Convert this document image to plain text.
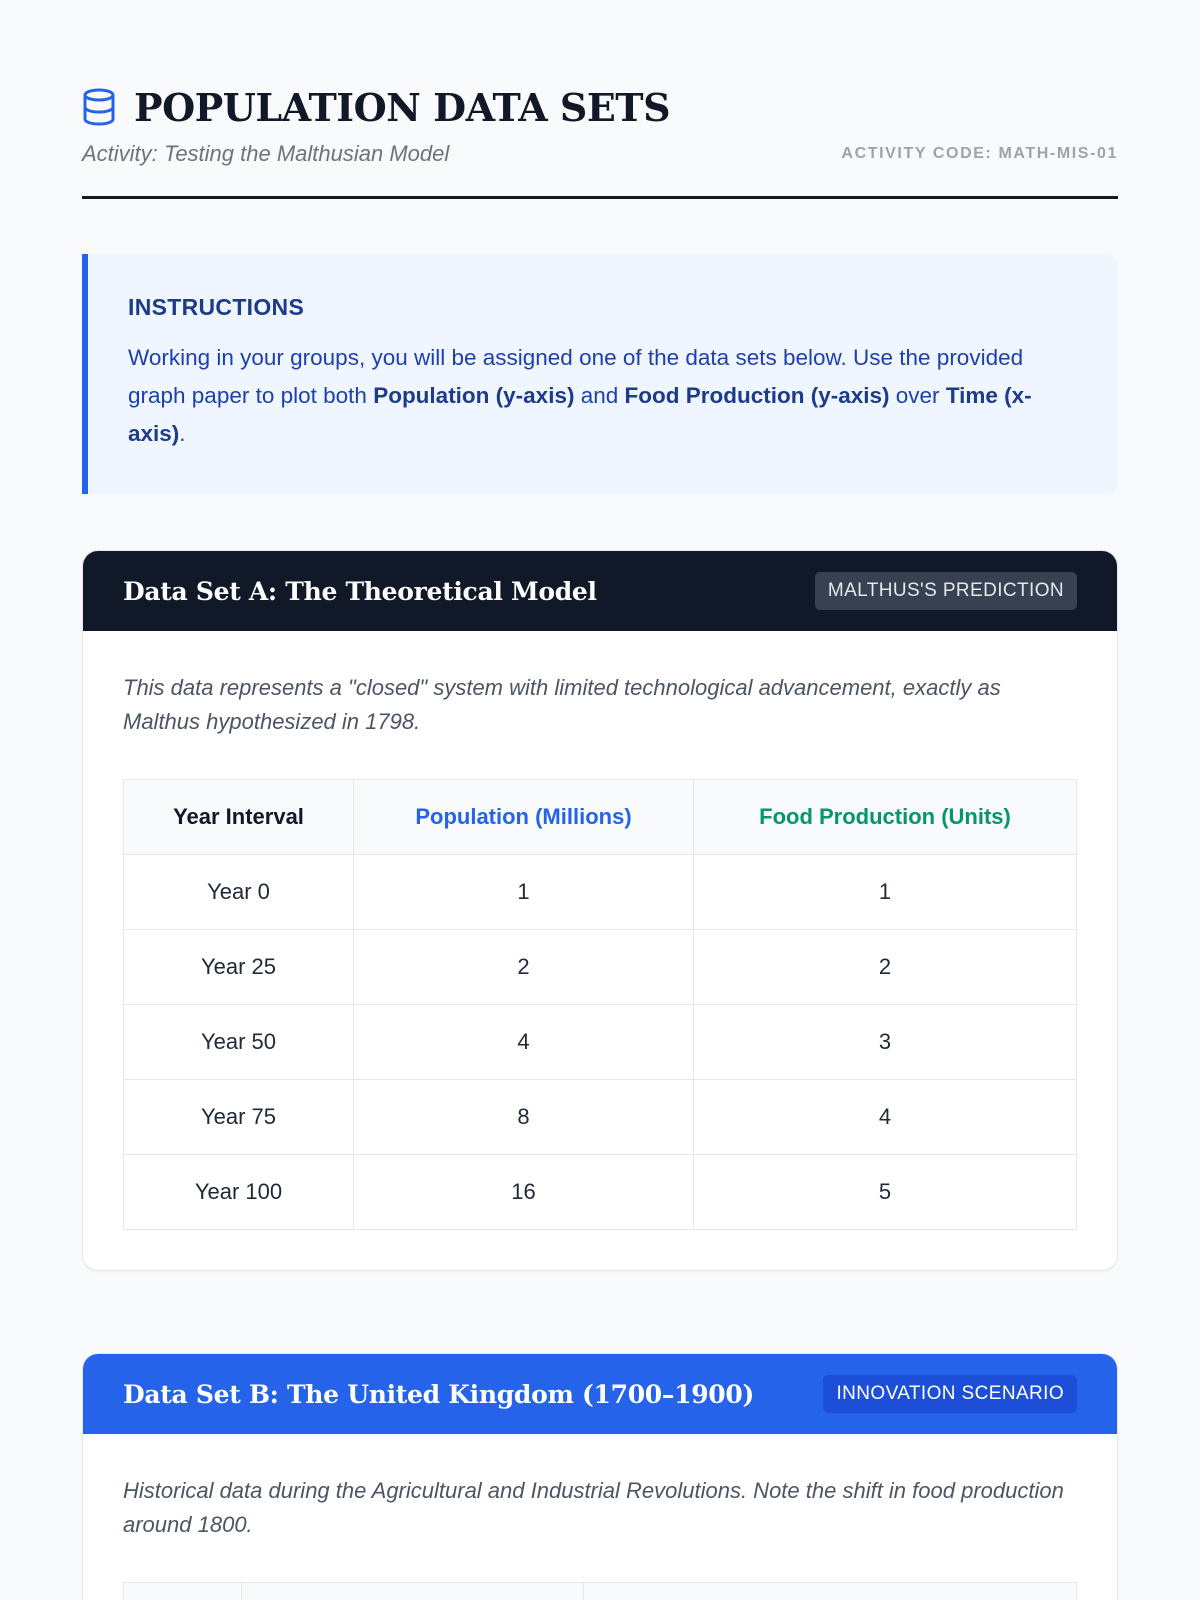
POPULATION DATA SETS
Activity: Testing the Malthusian Model	ACTIVITY CODE: MATH-MIS-01
INSTRUCTIONS

Working in your groups, you will be assigned one of the data sets below. Use the provided graph paper to plot both Population (y-axis) and Food Production (y-axis) over Time (x-axis).

Data Set A: The Theoretical Model	MALTHUS'S PREDICTION

This data represents a "closed" system with limited technological advancement, exactly as Malthus hypothesized in 1798.

Year Interval	Population (Millions)	Food Production (Units)
Year 0	1	1
Year 25	2	2
Year 50	4	3
Year 75	8	4
Year 100	16	5
Data Set B: The United Kingdom (1700–1900)	INNOVATION SCENARIO

Historical data during the Agricultural and Industrial Revolutions. Note the shift in food production around 1800.
